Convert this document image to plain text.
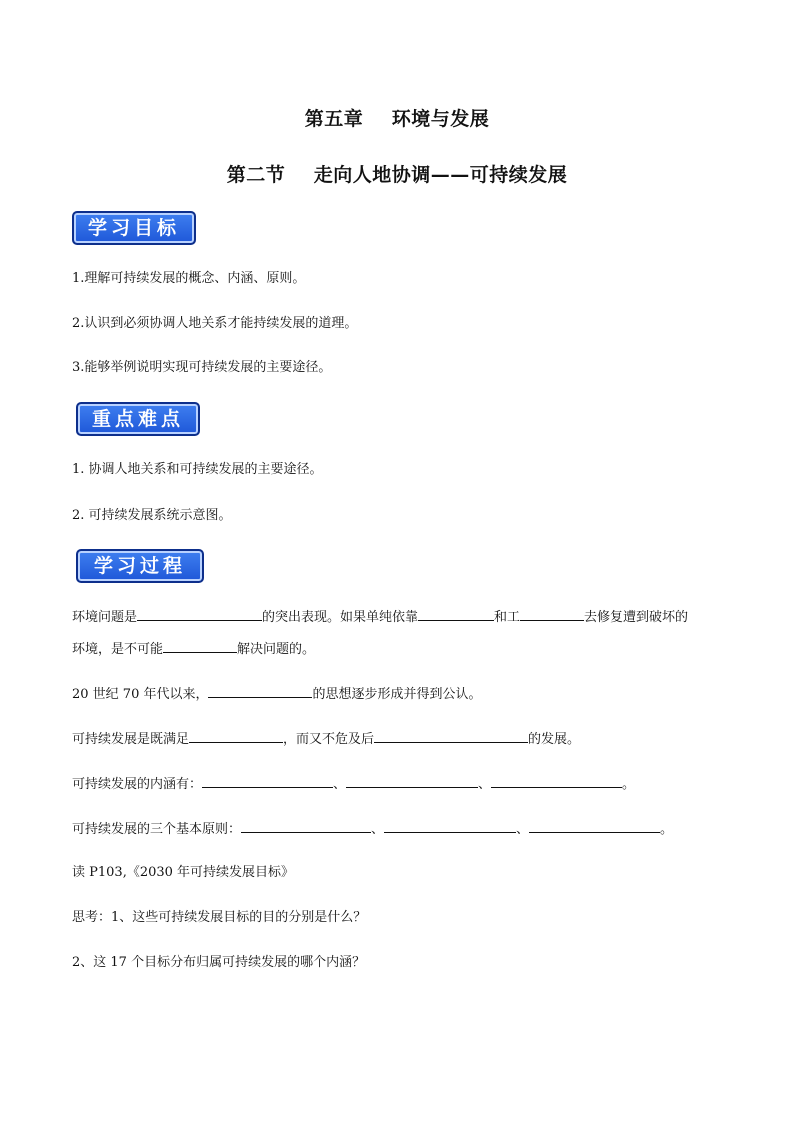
第五章    环境与发展
第二节    走向人地协调——可持续发展
学习目标
1.理解可持续发展的概念、内涵、原则。
2.认识到必须协调人地关系才能持续发展的道理。
3.能够举例说明实现可持续发展的主要途径。
重点难点
1. 协调人地关系和可持续发展的主要途径。
2. 可持续发展系统示意图。
学习过程
环境问题是	的突出表现。如果单纯依靠	和工	去修复遭到破坏的
环境，是不可能	解决问题的。
20 世纪 70 年代以来，	的思想逐步形成并得到公认。
可持续发展是既满足	，而又不危及后	的发展。
可持续发展的内涵有：	、	、	。
可持续发展的三个基本原则：	、	、	。
读 P103,《2030 年可持续发展目标》
思考：1、这些可持续发展目标的目的分别是什么？
2、这 17 个目标分布归属可持续发展的哪个内涵？
